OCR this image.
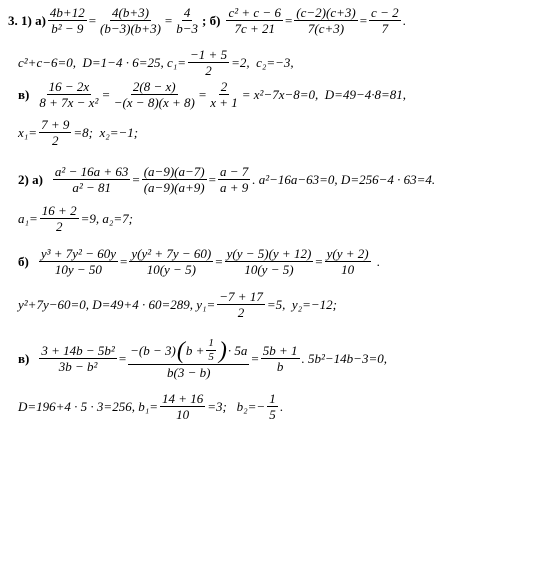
3. 1) $а) \frac{4b+12}{\text{b² − 9}} = \frac{4(b+3)}{(b-3)(b+3)} = \frac{4}{b-3}$ ; $б) \frac{\text{c² + c − 6}}{7c + 21} = \frac{(c-2)(c+3)}{7(c+3)} = \frac{c - 2}{7}$ .
c²+c−6=0,  D=1−4 · 6=25, $c_1= \frac{-1 + 5}{2} =2$,  c₂=−3,
$в) \frac{16 - 2x}{\text{8 + 7x − x²}} = \frac{2(8 - x)}{-(x - 8)(x + 8)} = \frac{2}{x + 1} = x^2-7x-8=0$,  D=49−4·8=81,
$x_1= \frac{7 + 9}{2} =8$;  x₂=−1;
2) $а) \frac{\text{a² − 16a + 63}}{\text{a² − 81}} = \frac{(a-9)(a-7)}{(a-9)(a+9)} = \frac{a - 7}{a + 9}$ . a²−16a−63=0, D=256−4 · 63=4.
$a_1= \frac{16 + 2}{2} =9$, a₂=7;
$б) \frac{\text{y³ + 7y² − 60y}}{10y - 50} = \frac{\text{y(y² + 7y − 60)}}{10(y - 5)} = \frac{y(y - 5)(y + 12)}{10(y - 5)} = \frac{y(y + 2)}{10}$ .
y²+7y−60=0, D=49+4 · 60=289, $y_1= \frac{-7 + 17}{2} =5$,  y₂=−12;
$в) \frac{\text{3 + 14b − 5b²}}{\text{3b − b²}}$ =
−(b − 3) ( $b + \frac{1}{5}$ ) · 5a
b(3 − b)
= $\frac{5b + 1}{b}$ . 5b²−14b−3=0,
D=196+4 · 5 · 3=256, $b_1= \frac{14 + 16}{10} =3$;   $b_2=- \frac{1}{5}$ .
